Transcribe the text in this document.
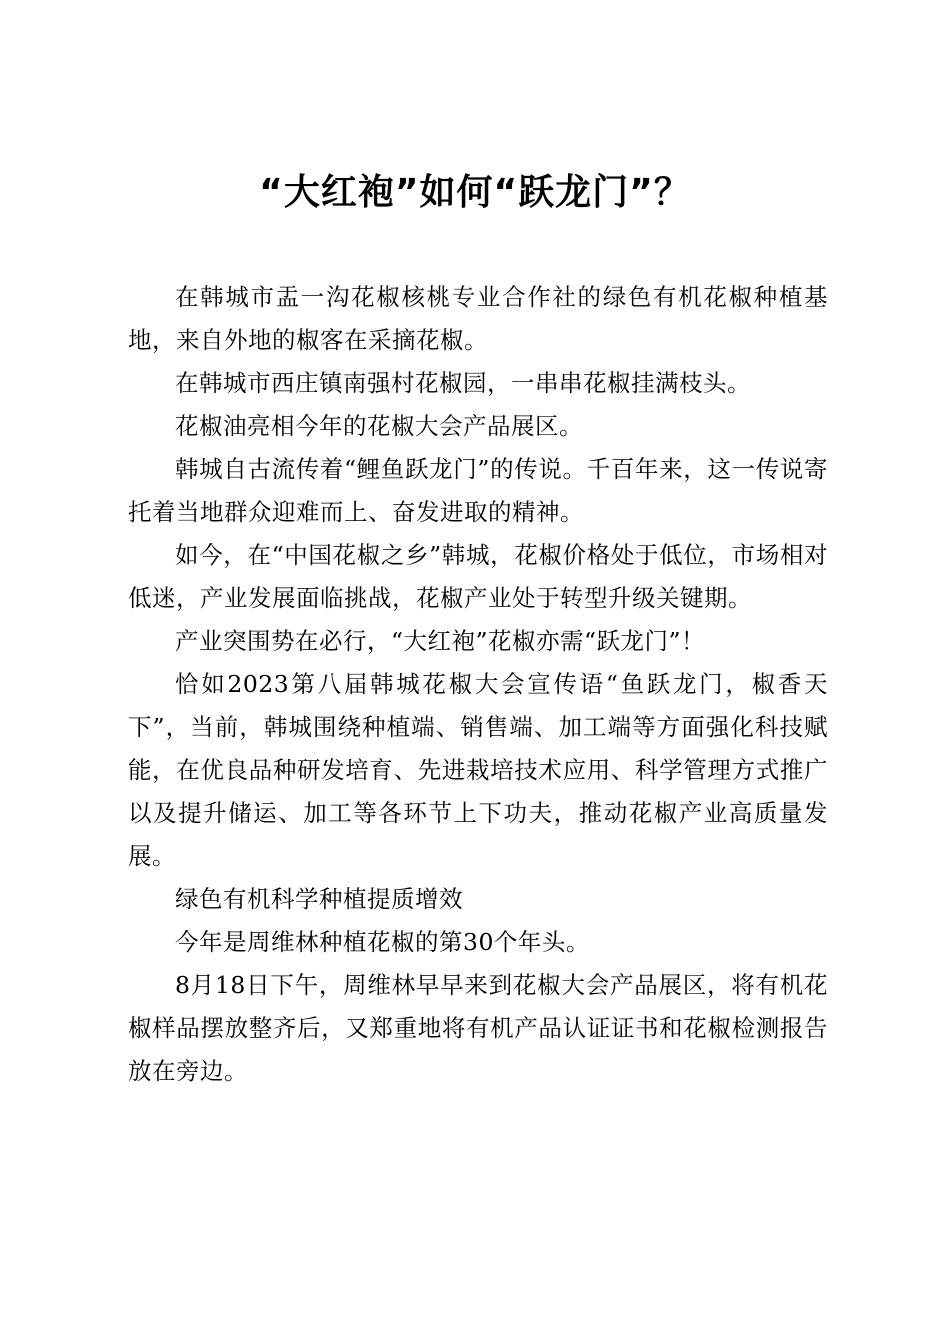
“大红袍”如何“跃龙门”？

在韩城市盂一沟花椒核桃专业合作社的绿色有机花椒种植基地，来自外地的椒客在采摘花椒。

在韩城市西庄镇南强村花椒园，一串串花椒挂满枝头。

花椒油亮相今年的花椒大会产品展区。

韩城自古流传着“鲤鱼跃龙门”的传说。千百年来，这一传说寄托着当地群众迎难而上、奋发进取的精神。

如今，在“中国花椒之乡”韩城，花椒价格处于低位，市场相对低迷，产业发展面临挑战，花椒产业处于转型升级关键期。

产业突围势在必行，“大红袍”花椒亦需“跃龙门”！

恰如2023第八届韩城花椒大会宣传语“鱼跃龙门，椒香天下”，当前，韩城围绕种植端、销售端、加工端等方面强化科技赋能，在优良品种研发培育、先进栽培技术应用、科学管理方式推广以及提升储运、加工等各环节上下功夫，推动花椒产业高质量发展。

绿色有机科学种植提质增效

今年是周维林种植花椒的第30个年头。

8月18日下午，周维林早早来到花椒大会产品展区，将有机花椒样品摆放整齐后，又郑重地将有机产品认证证书和花椒检测报告放在旁边。
